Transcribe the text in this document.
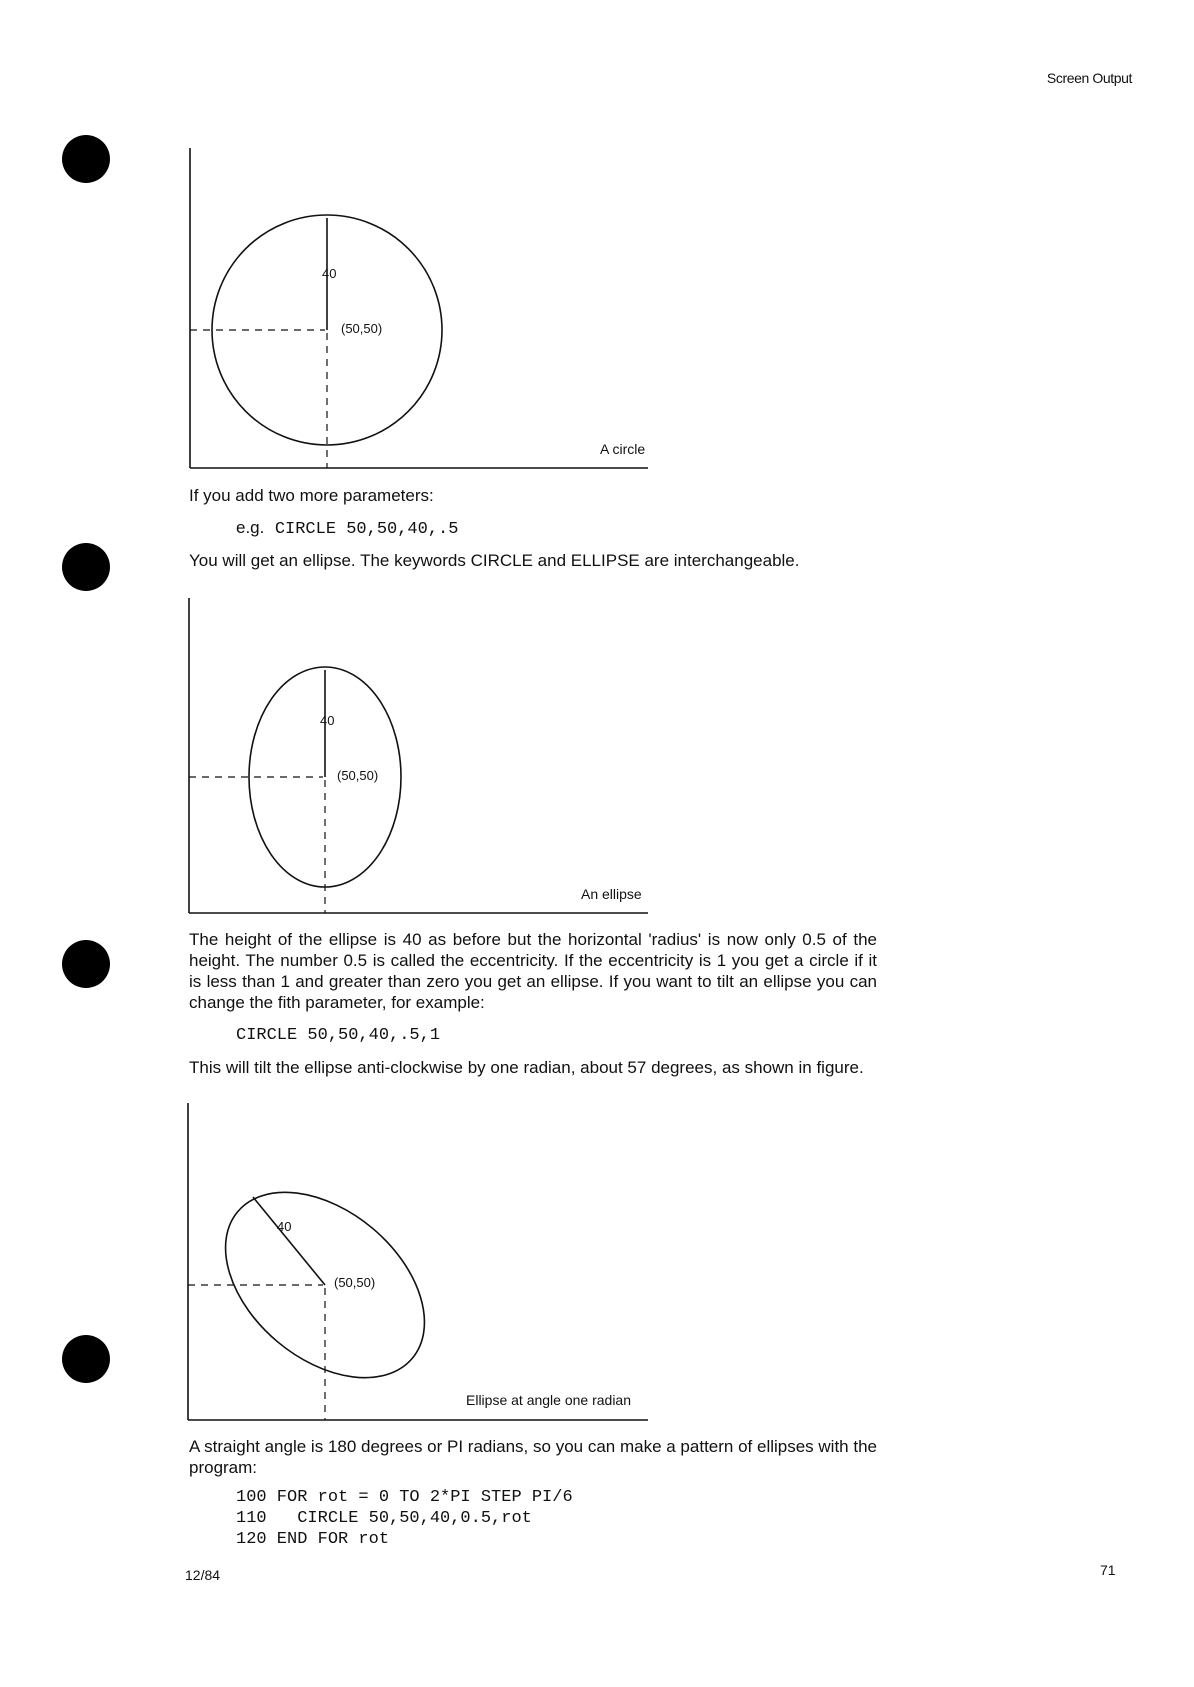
Screen Output
40
(50,50)
A circle
If you add two more parameters:
e.g. CIRCLE 50,50,40,.5
You will get an ellipse. The keywords CIRCLE and ELLIPSE are interchangeable.
40
(50,50)
An ellipse
The height of the ellipse is 40 as before but the horizontal 'radius' is now only 0.5 of the height. The number 0.5 is called the eccentricity. If the eccentricity is 1 you get a circle if it is less than 1 and greater than zero you get an ellipse. If you want to tilt an ellipse you can change the fith parameter, for example:
CIRCLE 50,50,40,.5,1
This will tilt the ellipse anti-clockwise by one radian, about 57 degrees, as shown in figure.
40
(50,50)
Ellipse at angle one radian
A straight angle is 180 degrees or PI radians, so you can make a pattern of ellipses with the program:
100 FOR rot = 0 TO 2*PI STEP PI/6
110   CIRCLE 50,50,40,0.5,rot
120 END FOR rot
12/84	71
